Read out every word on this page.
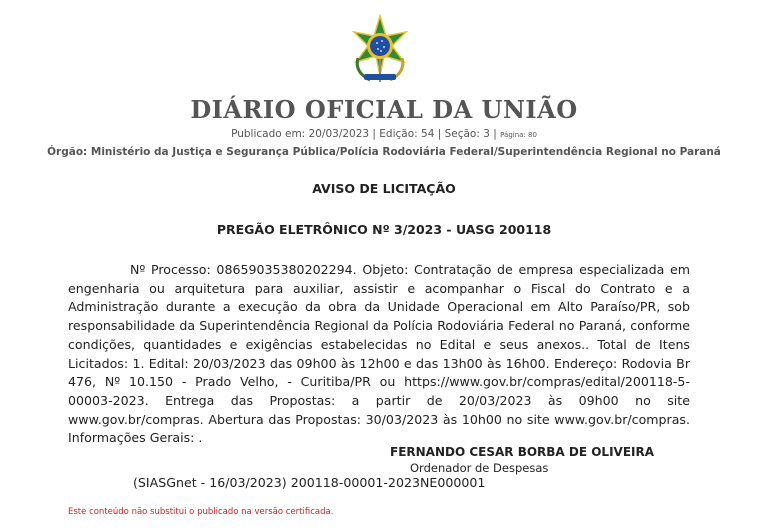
DIÁRIO OFICIAL DA UNIÃO
Publicado em: 20/03/2023 | Edição: 54 | Seção: 3 | Página: 80
Órgão: Ministério da Justiça e Segurança Pública/Polícia Rodoviária Federal/Superintendência Regional no Paraná
AVISO DE LICITAÇÃO
PREGÃO ELETRÔNICO Nº 3/2023 - UASG 200118

Nº Processo: 08659035380202294. Objeto: Contratação de empresa especializada em engenharia ou arquitetura para auxiliar, assistir e acompanhar o Fiscal do Contrato e a Administração durante a execução da obra da Unidade Operacional em Alto Paraíso/PR, sob responsabilidade da Superintendência Regional da Polícia Rodoviária Federal no Paraná, conforme condições, quantidades e exigências estabelecidas no Edital e seus anexos.. Total de Itens Licitados: 1. Edital: 20/03/2023 das 09h00 às 12h00 e das 13h00 às 16h00. Endereço: Rodovia Br 476, Nº 10.150 - Prado Velho, - Curitiba/PR ou https://www.gov.br/compras/edital/200118-5-00003-2023. Entrega das Propostas: a partir de 20/03/2023 às 09h00 no site www.gov.br/compras. Abertura das Propostas: 30/03/2023 às 10h00 no site www.gov.br/compras. Informações Gerais: .

FERNANDO CESAR BORBA DE OLIVEIRA
Ordenador de Despesas
(SIASGnet - 16/03/2023) 200118-00001-2023NE000001
Este conteúdo não substitui o publicado na versão certificada.
